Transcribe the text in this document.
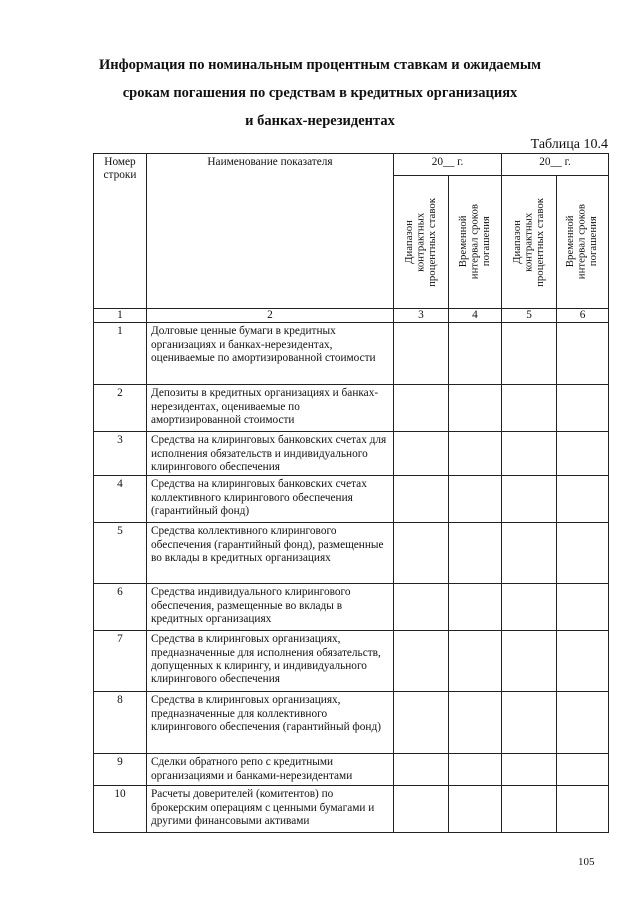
Информация по номинальным процентным ставкам и ожидаемым
срокам погашения по средствам в кредитных организациях
и банках-нерезидентах
Таблица 10.4
Номер строки	Наименование показателя	20__ г.		20__ г.	

		Диапазон
контрактных
процентных ставок	Временной
интервал сроков
погашения	Диапазон
контрактных
процентных ставок	Временной
интервал сроков
погашения

1	2	3	4	5	6
1	Долговые ценные бумаги в кредитных организациях и банках-нерезидентах, оцениваемые по амортизированной стоимости				
2	Депозиты в кредитных организациях и банках-нерезидентах, оцениваемые по амортизированной стоимости				
3	Средства на клиринговых банковских счетах для исполнения обязательств и индивидуального клирингового обеспечения				
4	Средства на клиринговых банковских счетах коллективного клирингового обеспечения (гарантийный фонд)				
5	Средства коллективного клирингового обеспечения (гарантийный фонд), размещенные во вклады в кредитных организациях				
6	Средства индивидуального клирингового обеспечения, размещенные во вклады в кредитных организациях				
7	Средства в клиринговых организациях, предназначенные для исполнения обязательств, допущенных к клирингу, и индивидуального клирингового обеспечения				
8	Средства в клиринговых организациях, предназначенные для коллективного клирингового обеспечения (гарантийный фонд)				
9	Сделки обратного репо с кредитными организациями и банками-нерезидентами				
10	Расчеты доверителей (комитентов) по брокерским операциям с ценными бумагами и другими финансовыми активами				
105
